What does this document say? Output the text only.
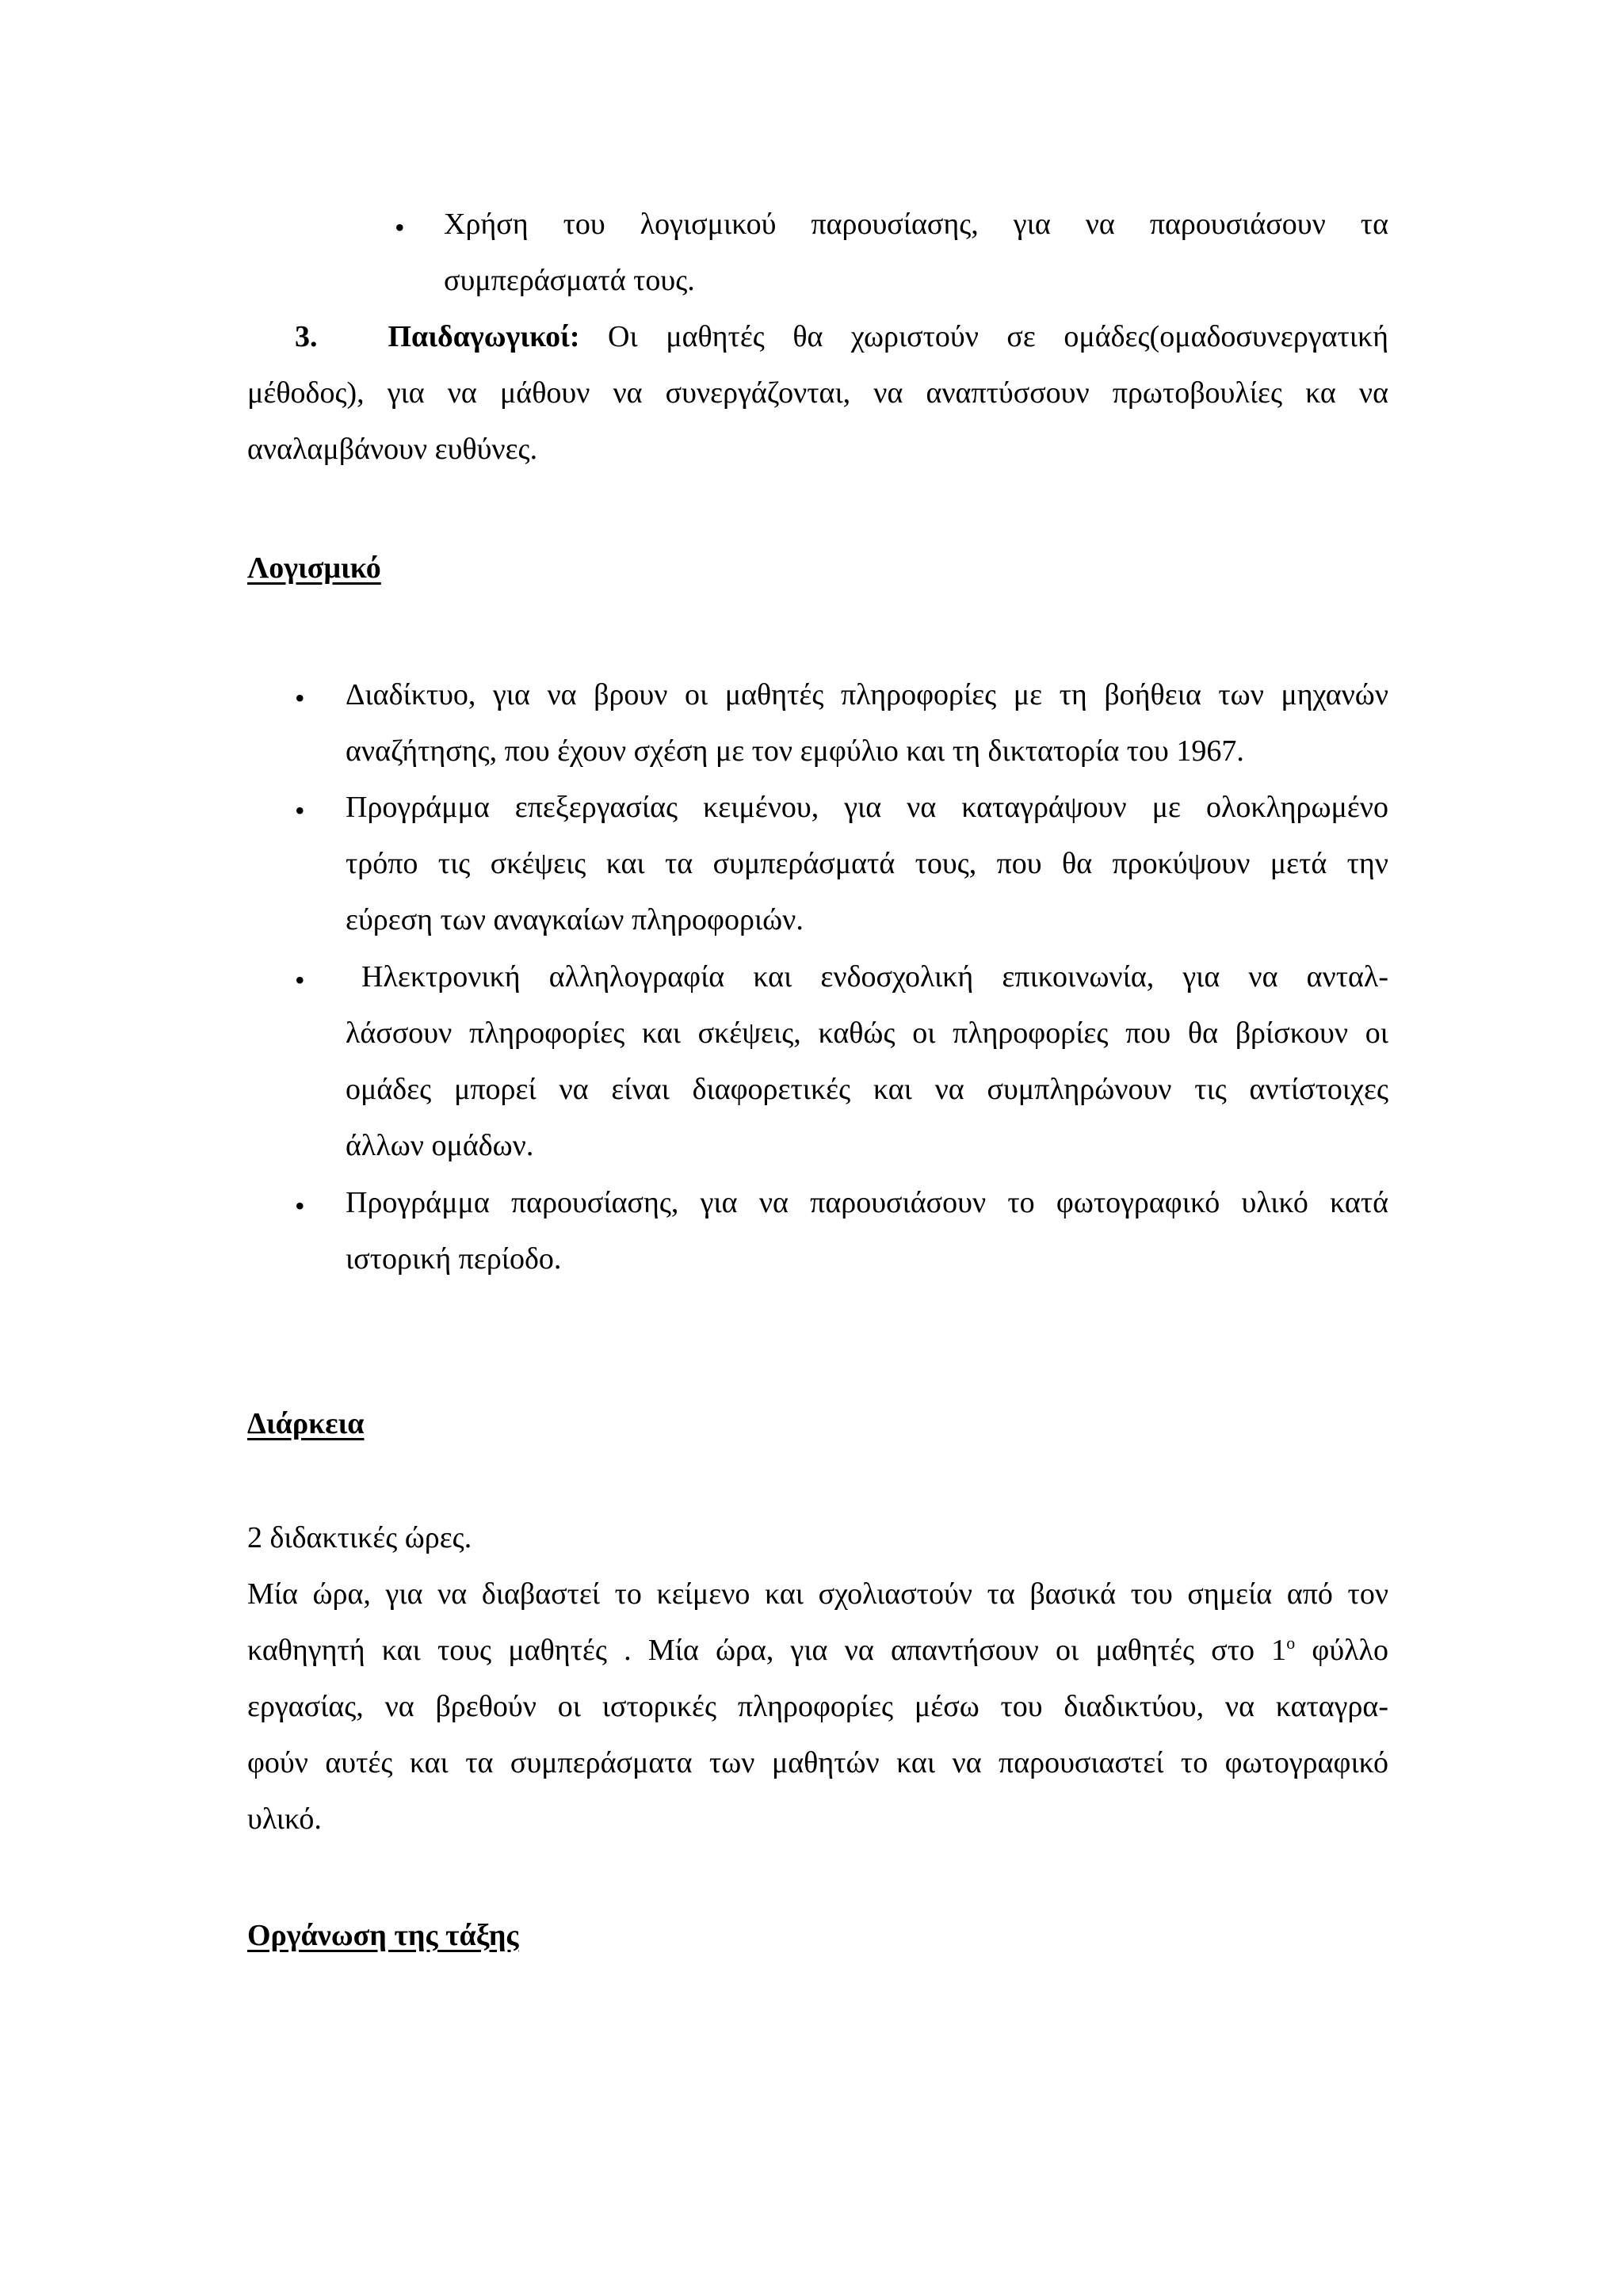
• Χρήση του λογισμικού παρουσίασης, για να παρουσιάσουν τα
συμπεράσματά τους.
3. Παιδαγωγικοί: Οι μαθητές θα χωριστούν σε ομάδες(ομαδοσυνεργατική
μέθοδος), για να μάθουν να συνεργάζονται, να αναπτύσσουν πρωτοβουλίες κα να
αναλαμβάνουν ευθύνες.
Λογισμικό
• Διαδίκτυο, για να βρουν οι μαθητές πληροφορίες με τη βοήθεια των μηχανών
αναζήτησης, που έχουν σχέση με τον εμφύλιο και τη δικτατορία του 1967.
• Προγράμμα επεξεργασίας κειμένου, για να καταγράψουν με ολοκληρωμένο
τρόπο τις σκέψεις και τα συμπεράσματά τους, που θα προκύψουν μετά την
εύρεση των αναγκαίων πληροφοριών.
• Ηλεκτρονική αλληλογραφία και ενδοσχολική επικοινωνία, για να ανταλ-
λάσσουν πληροφορίες και σκέψεις, καθώς οι πληροφορίες που θα βρίσκουν οι
ομάδες μπορεί να είναι διαφορετικές και να συμπληρώνουν τις αντίστοιχες
άλλων ομάδων.
• Προγράμμα παρουσίασης, για να παρουσιάσουν το φωτογραφικό υλικό κατά
ιστορική περίοδο.
Διάρκεια
2 διδακτικές ώρες.
Μία ώρα, για να διαβαστεί το κείμενο και σχολιαστούν τα βασικά του σημεία από τον
καθηγητή και τους μαθητές . Μία ώρα, για να απαντήσουν οι μαθητές στο $1^o$ φύλλο
εργασίας, να βρεθούν οι ιστορικές πληροφορίες μέσω του διαδικτύου, να καταγρα-
φούν αυτές και τα συμπεράσματα των μαθητών και να παρουσιαστεί το φωτογραφικό
υλικό.
Οργάνωση της τάξης
